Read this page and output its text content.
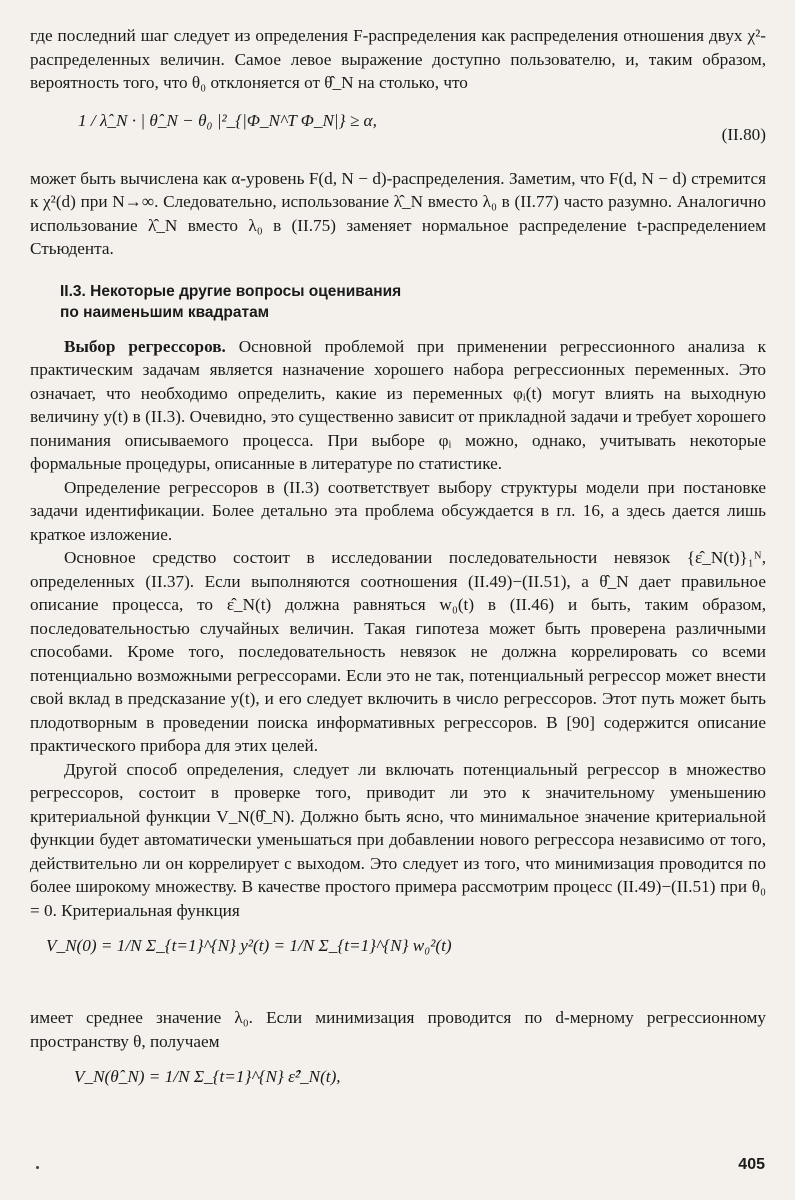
где последний шаг следует из определения F-распределения как распределения отношения двух χ²-распределенных величин. Самое левое выражение доступно пользователю, и, таким образом, вероятность того, что θ₀ отклоняется от θ̂_N на столько, что

1 / λ̂_N · | θ̂_N − θ₀ |²_{|Φ_N^T Φ_N|} ≥ α,
(II.80)

может быть вычислена как α-уровень F(d, N − d)-распределения. Заметим, что F(d, N − d) стремится к χ²(d) при N→∞. Следовательно, использование λ̂_N вместо λ₀ в (II.77) часто разумно. Аналогично использование λ̂_N вместо λ₀ в (II.75) заменяет нормальное распределение t-распределением Стьюдента.

II.3. Некоторые другие вопросы оценивания
по наименьшим квадратам

Выбор регрессоров. Основной проблемой при применении регрессионного анализа к практическим задачам является назначение хорошего набора регрессионных переменных. Это означает, что необходимо определить, какие из переменных φᵢ(t) могут влиять на выходную величину y(t) в (II.3). Очевидно, это существенно зависит от прикладной задачи и требует хорошего понимания описываемого процесса. При выборе φᵢ можно, однако, учитывать некоторые формальные процедуры, описанные в литературе по статистике.

Определение регрессоров в (II.3) соответствует выбору структуры модели при постановке задачи идентификации. Более детально эта проблема обсуждается в гл. 16, а здесь дается лишь краткое изложение.

Основное средство состоит в исследовании последовательности невязок {ε̂_N(t)}₁ᴺ, определенных (II.37). Если выполняются соотношения (II.49)−(II.51), а θ̂_N дает правильное описание процесса, то ε̂_N(t) должна равняться w₀(t) в (II.46) и быть, таким образом, последовательностью случайных величин. Такая гипотеза может быть проверена различными способами. Кроме того, последовательность невязок не должна коррелировать со всеми потенциально возможными регрессорами. Если это не так, потенциальный регрессор может внести свой вклад в предсказание y(t), и его следует включить в число регрессоров. Этот путь может быть плодотворным в проведении поиска информативных регрессоров. В [90] содержится описание практического прибора для этих целей.

Другой способ определения, следует ли включать потенциальный регрессор в множество регрессоров, состоит в проверке того, приводит ли это к значительному уменьшению критериальной функции V_N(θ̂_N). Должно быть ясно, что минимальное значение критериальной функции будет автоматически уменьшаться при добавлении нового регрессора независимо от того, действительно ли он коррелирует с выходом. Это следует из того, что минимизация проводится по более широкому множеству. В качестве простого примера рассмотрим процесс (II.49)−(II.51) при θ₀ = 0. Критериальная функция

V_N(0) = 1/N Σ_{t=1}^{N} y²(t) = 1/N Σ_{t=1}^{N} w₀²(t)

имеет среднее значение λ₀. Если минимизация проводится по d-мерному регрессионному пространству θ, получаем

V_N(θ̂_N) = 1/N Σ_{t=1}^{N} ε̂²_N(t),
405
